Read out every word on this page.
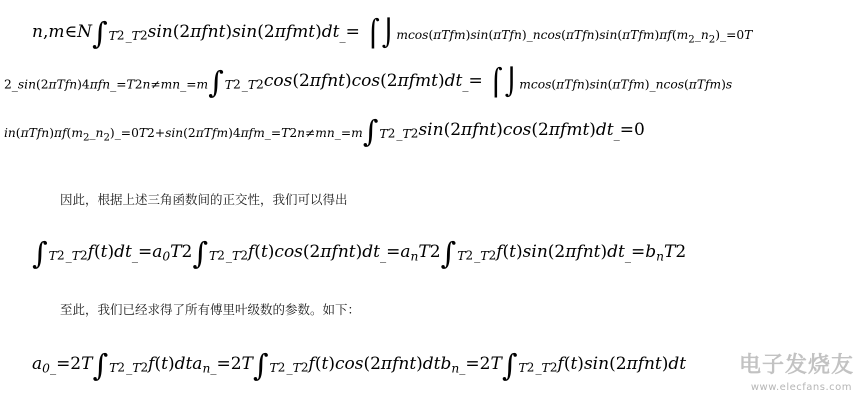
n,m∈N∫T2_T2sin(2πfnt)sin(2πfmt)dt_= $⌠⌡mcos(\pi Tfm)\sin(\pi Tfn)\_ncos(\pi Tfn)\sin(\pi Tfm)\pi f(m_2\_n_2)\_=0T$
2_sin(2πTfn)4πfn_=T2n≠mn_=m∫T2_T2cos(2πfnt)cos(2πfmt)dt_= ⌠⌡mcos(πTfn)sin(πTfm)_ncos(πTfm)s
$in(\pi Tfn)\pi f(m_2\_n_2)\_=0T2+\sin(2\pi Tfm)4\pi fm\_=T2n\ne mn\_=m\int T2\_T2\sin(2\pi fnt)\cos(2\pi fmt)dt\_=0$
因此，根据上述三角函数间的正交性，我们可以得出
$\int T2\_T2f(t)dt\_=a_0T2\int T2\_T2f(t)\cos(2\pi fnt)dt\_=a_nT2\int T2\_T2f(t)\sin(2\pi fnt)dt\_=b_nT2$
至此，我们已经求得了所有傅里叶级数的参数。如下：
$a_0\_=2T\int T2\_T2f(t)dta_n\_=2T\int T2\_T2f(t)\cos(2\pi fnt)dtb_n\_=2T\int T2\_T2f(t)\sin(2\pi fnt)dt$ 电子发烧友
www.elecfans.com
